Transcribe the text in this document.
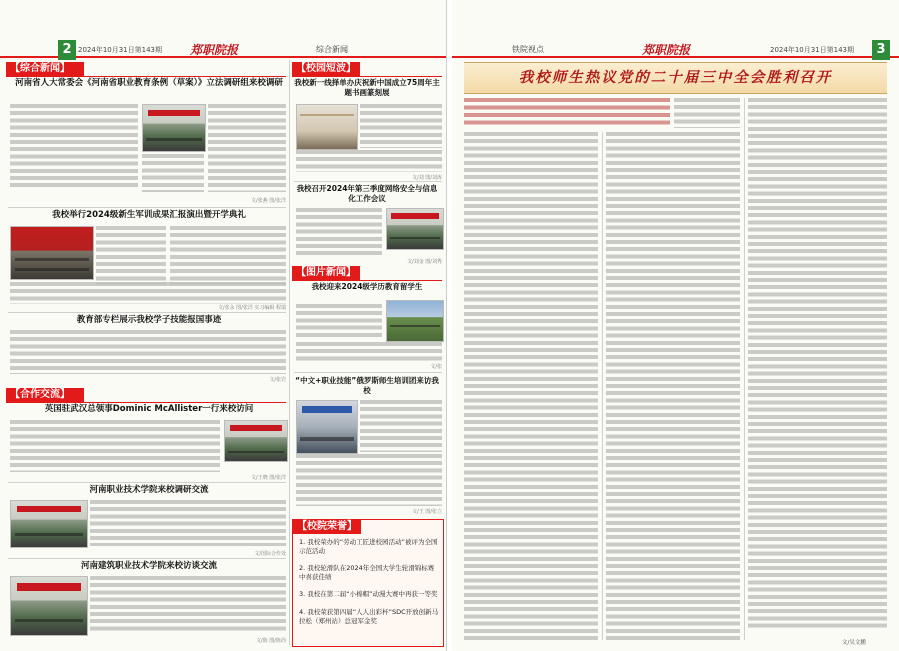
2 2024年10月31日第143期 郑职院报	综合新闻
【综合新闻】
河南省人大常委会《河南省职业教育条例（草案）》立法调研组来校调研
文/张燕 图/张洋
我校举行2024级新生军训成果汇报演出暨开学典礼
文/张永 图/张洋 实习编辑 程瑞
教育部专栏展示我校学子技能报国事迹
文/张岩
【合作交流】
英国驻武汉总领事Dominic McAllister一行来校访问
文/王晓 图/张洋
河南职业技术学院来校调研交流
文/国际合作处
河南建筑职业技术学院来校访谈交流
文/陈 图/陈尚
【校园短波】
我校新一线择单办庆祝新中国成立75周年主题书画篆刻展
文/刘 图/刘涛
我校召开2024年第三季度网络安全与信息化工作会议
文/刘金 图/刘秀
【图片新闻】
我校迎来2024级学历教育留学生
文/张
“中文+职业技能”俄罗斯师生培训团来访我校
文/王 图/张立
【校院荣誉】
1. 我校荣办的“劳动工匠进校园活动”被评为全国示范活动
2. 我校轮滑队在2024年全国大学生轮滑锦标赛中喜获佳绩
3. 我校在第二届“小棉帽”动漫大赛中再获一等奖
4. 我校荣获第四届“人人出彩杯”SDC开放创新马拉松（郑州站）总冠军金奖
铁院视点	郑职院报	2024年10月31日第143期	3
我校师生热议党的二十届三中全会胜利召开
文/吴文鹏
